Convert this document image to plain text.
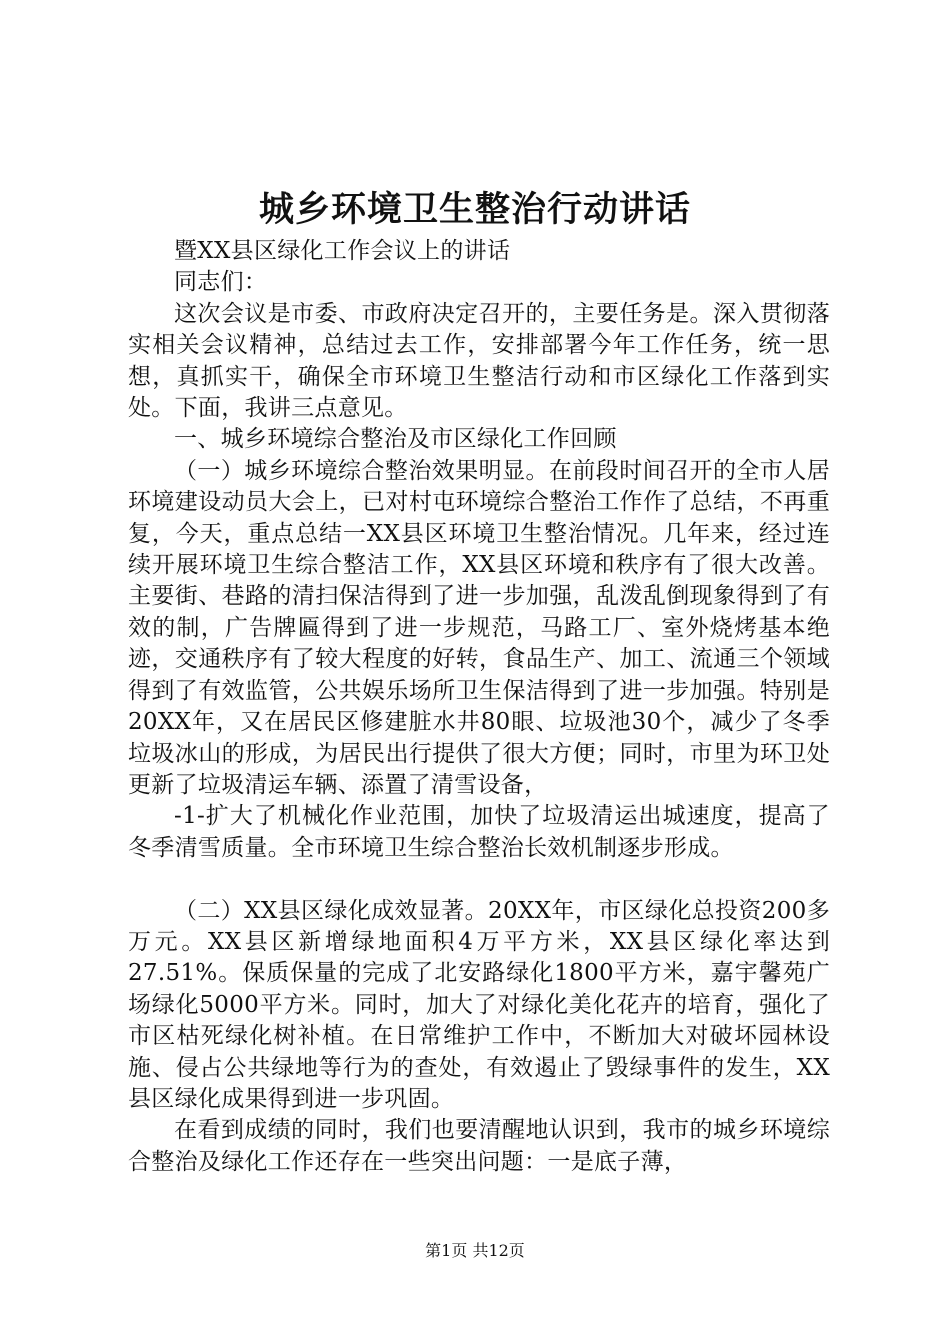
城乡环境卫生整治行动讲话

暨XX县区绿化工作会议上的讲话

同志们：

这次会议是市委、市政府决定召开的，主要任务是。深入贯彻落实相关会议精神，总结过去工作，安排部署今年工作任务，统一思想，真抓实干，确保全市环境卫生整洁行动和市区绿化工作落到实处。下面，我讲三点意见。

一、城乡环境综合整治及市区绿化工作回顾

（一）城乡环境综合整治效果明显。在前段时间召开的全市人居环境建设动员大会上，已对村屯环境综合整治工作作了总结，不再重复，今天，重点总结一XX县区环境卫生整治情况。几年来，经过连续开展环境卫生综合整洁工作，XX县区环境和秩序有了很大改善。主要街、巷路的清扫保洁得到了进一步加强，乱泼乱倒现象得到了有效的制，广告牌匾得到了进一步规范，马路工厂、室外烧烤基本绝迹，交通秩序有了较大程度的好转，食品生产、加工、流通三个领域得到了有效监管，公共娱乐场所卫生保洁得到了进一步加强。特别是20XX年，又在居民区修建脏水井80眼、垃圾池30个，减少了冬季垃圾冰山的形成，为居民出行提供了很大方便；同时，市里为环卫处更新了垃圾清运车辆、添置了清雪设备，

-1-扩大了机械化作业范围，加快了垃圾清运出城速度，提高了冬季清雪质量。全市环境卫生综合整治长效机制逐步形成。

（二）XX县区绿化成效显著。20XX年，市区绿化总投资200多万元。XX县区新增绿地面积4万平方米，XX县区绿化率达到27.51%。保质保量的完成了北安路绿化1800平方米，嘉宇馨苑广场绿化5000平方米。同时，加大了对绿化美化花卉的培育，强化了市区枯死绿化树补植。在日常维护工作中，不断加大对破坏园林设施、侵占公共绿地等行为的查处，有效遏止了毁绿事件的发生，XX县区绿化成果得到进一步巩固。

在看到成绩的同时，我们也要清醒地认识到，我市的城乡环境综合整治及绿化工作还存在一些突出问题：一是底子薄，

第1页 共12页
